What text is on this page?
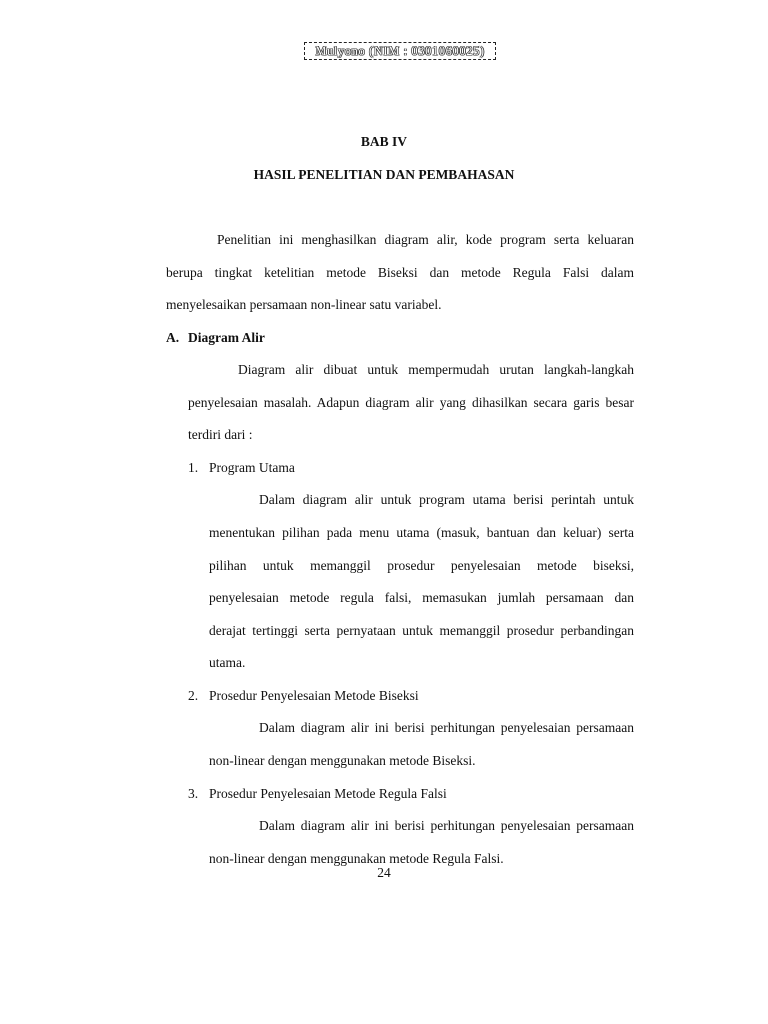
Mulyono (NIM : 0301060025)
BAB IV
HASIL PENELITIAN DAN PEMBAHASAN
Penelitian ini menghasilkan diagram alir, kode program serta keluaran
berupa tingkat ketelitian metode Biseksi dan metode Regula Falsi dalam
menyelesaikan persamaan non-linear satu variabel.
A. Diagram Alir
Diagram alir dibuat untuk mempermudah urutan langkah-langkah
penyelesaian masalah. Adapun diagram alir yang dihasilkan secara garis besar
terdiri dari :
1. Program Utama
Dalam diagram alir untuk program utama berisi perintah untuk
menentukan pilihan pada menu utama (masuk, bantuan dan keluar) serta
pilihan untuk memanggil prosedur penyelesaian metode biseksi,
penyelesaian metode regula falsi, memasukan jumlah persamaan dan
derajat tertinggi serta pernyataan untuk memanggil prosedur perbandingan
utama.
2. Prosedur Penyelesaian Metode Biseksi
Dalam diagram alir ini berisi perhitungan penyelesaian persamaan
non-linear dengan menggunakan metode Biseksi.
3. Prosedur Penyelesaian Metode Regula Falsi
Dalam diagram alir ini berisi perhitungan penyelesaian persamaan
non-linear dengan menggunakan metode Regula Falsi.
24
